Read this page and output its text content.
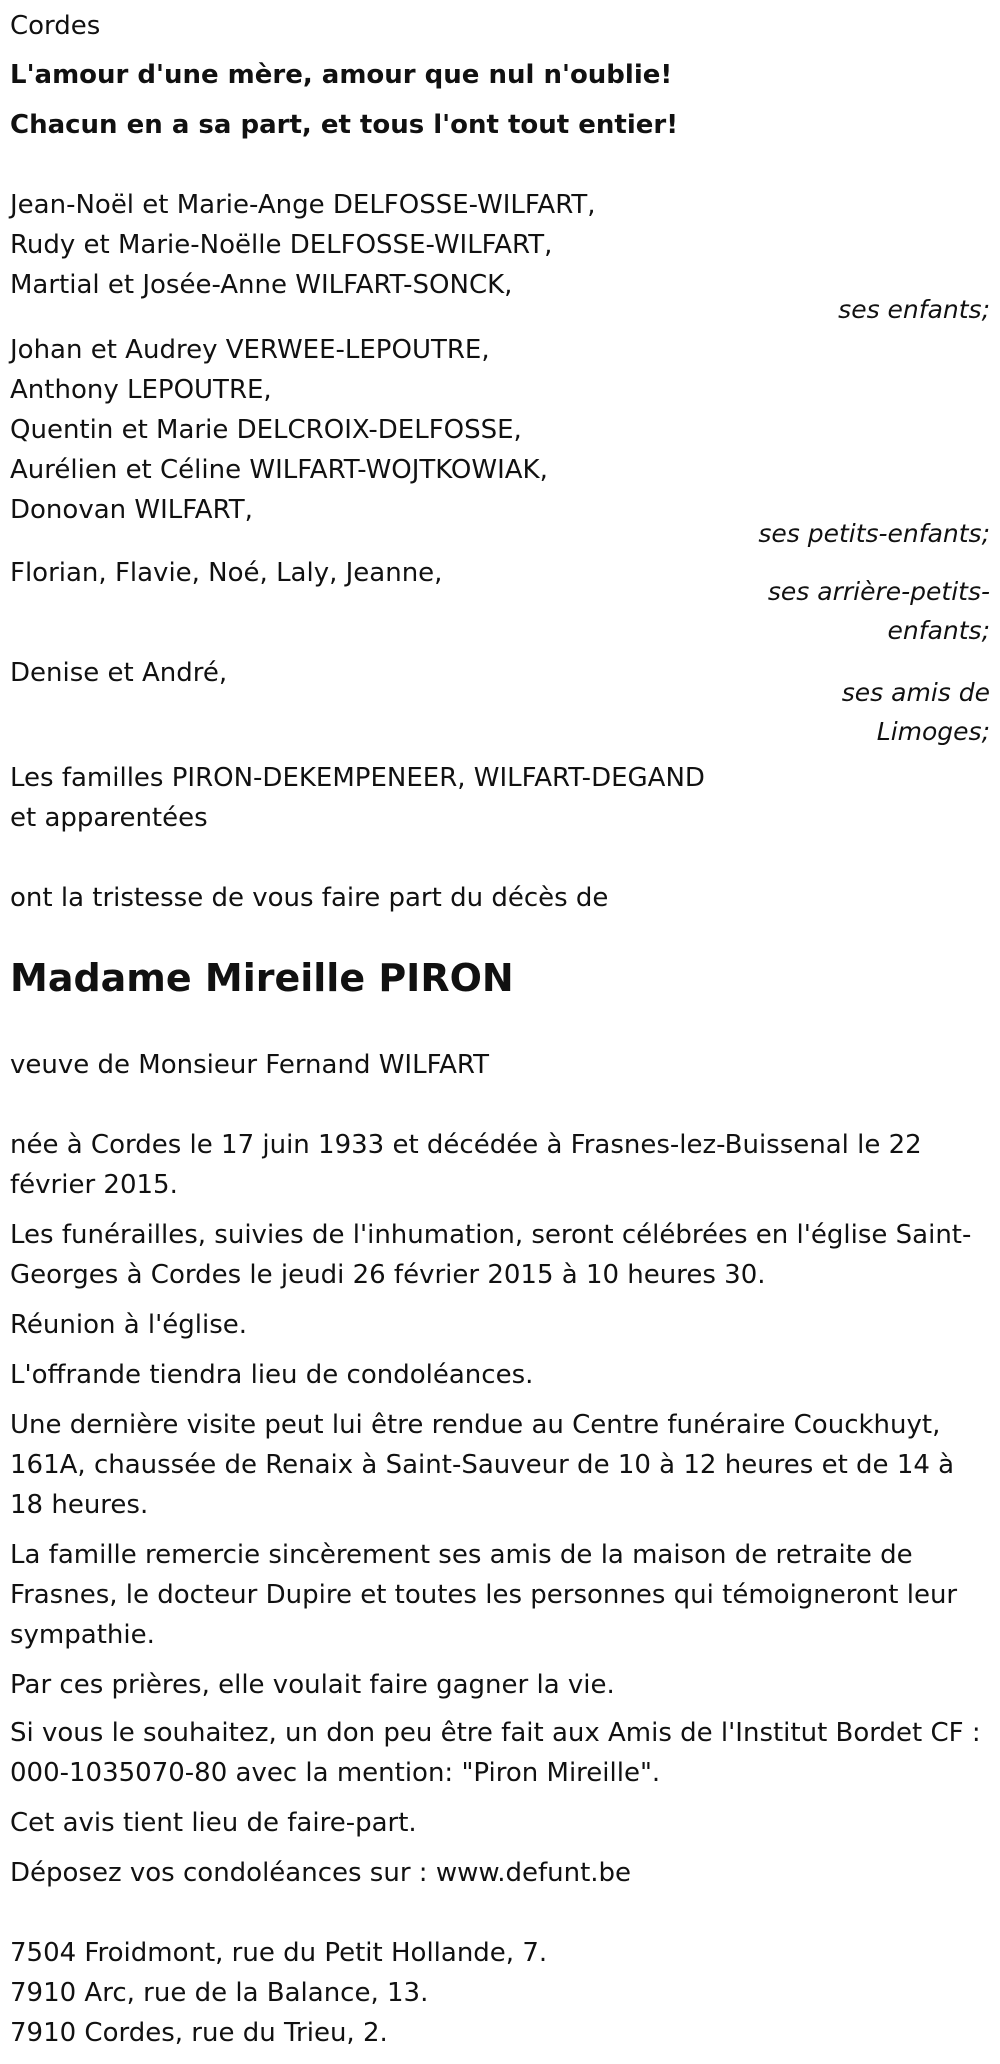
Cordes
L'amour d'une mère, amour que nul n'oublie!
Chacun en a sa part, et tous l'ont tout entier!
Jean-Noël et Marie-Ange DELFOSSE-WILFART,
Rudy et Marie-Noëlle DELFOSSE-WILFART,
Martial et Josée-Anne WILFART-SONCK,
ses enfants;
Johan et Audrey VERWEE-LEPOUTRE,
Anthony LEPOUTRE,
Quentin et Marie DELCROIX-DELFOSSE,
Aurélien et Céline WILFART-WOJTKOWIAK,
Donovan WILFART,
ses petits-enfants;
Florian, Flavie, Noé, Laly, Jeanne,
ses arrière-petits-
enfants;
Denise et André,
ses amis de
Limoges;
Les familles PIRON-DEKEMPENEER, WILFART-DEGAND
et apparentées
ont la tristesse de vous faire part du décès de
Madame Mireille PIRON
veuve de Monsieur Fernand WILFART
née à Cordes le 17 juin 1933 et décédée à Frasnes-lez-Buissenal le 22 février 2015.
Les funérailles, suivies de l'inhumation, seront célébrées en l'église Saint-Georges à Cordes le jeudi 26 février 2015 à 10 heures 30.
Réunion à l'église.
L'offrande tiendra lieu de condoléances.
Une dernière visite peut lui être rendue au Centre funéraire Couckhuyt, 161A, chaussée de Renaix à Saint-Sauveur de 10 à 12 heures et de 14 à 18 heures.
La famille remercie sincèrement ses amis de la maison de retraite de Frasnes, le docteur Dupire et toutes les personnes qui témoigneront leur sympathie.
Par ces prières, elle voulait faire gagner la vie.
Si vous le souhaitez, un don peu être fait aux Amis de l'Institut Bordet CF : 000-1035070-80 avec la mention: "Piron Mireille".
Cet avis tient lieu de faire-part.
Déposez vos condoléances sur : www.defunt.be
7504 Froidmont, rue du Petit Hollande, 7.
7910 Arc, rue de la Balance, 13.
7910 Cordes, rue du Trieu, 2.
